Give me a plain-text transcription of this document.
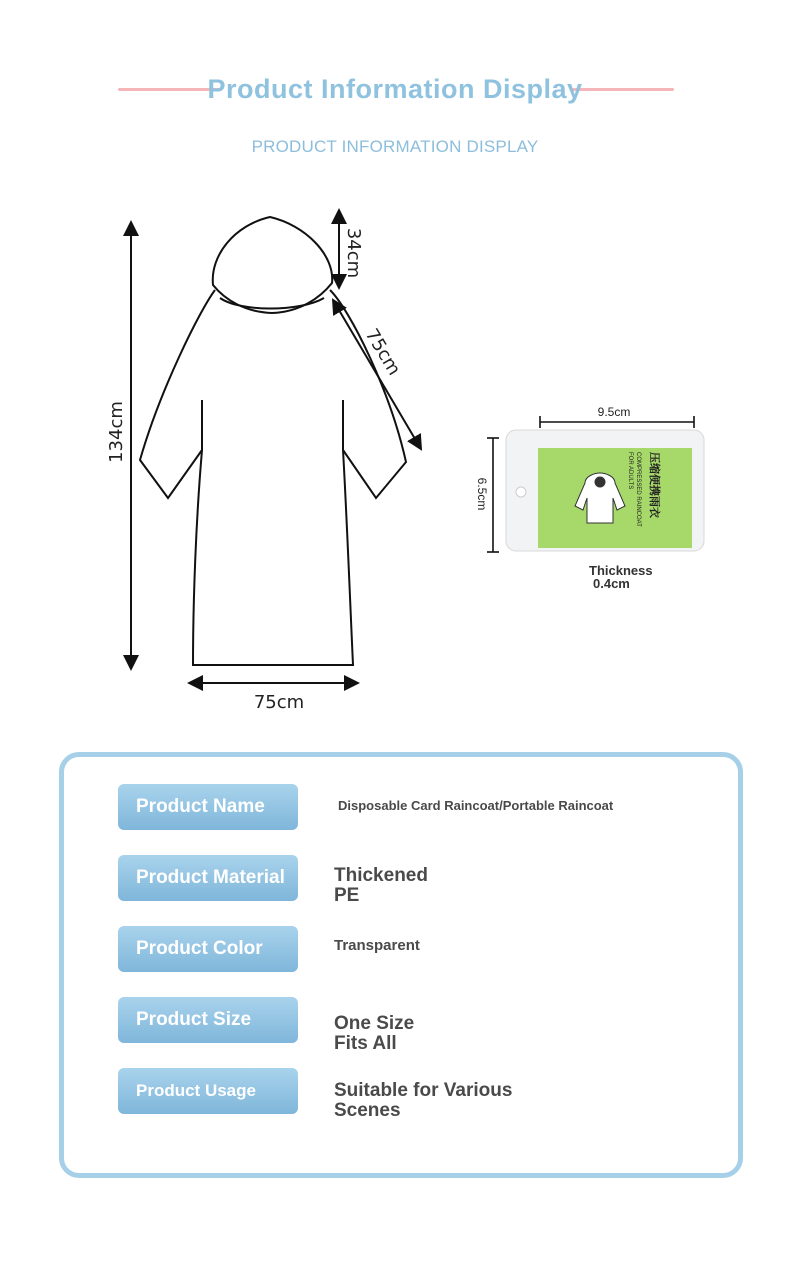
Product Information Display
PRODUCT INFORMATION DISPLAY
134cm
34cm
75cm
75cm
9.5cm
6.5cm	压缩便携雨衣
COMPRESSED RAINCOAT
FOR ADULTS
Thickness
0.4cm
Product Name	Disposable Card Raincoat/Portable Raincoat
Product Material	Thickened PE
Product Color	Transparent
Product Size	One Size Fits All
Product Usage	Suitable for Various Scenes
